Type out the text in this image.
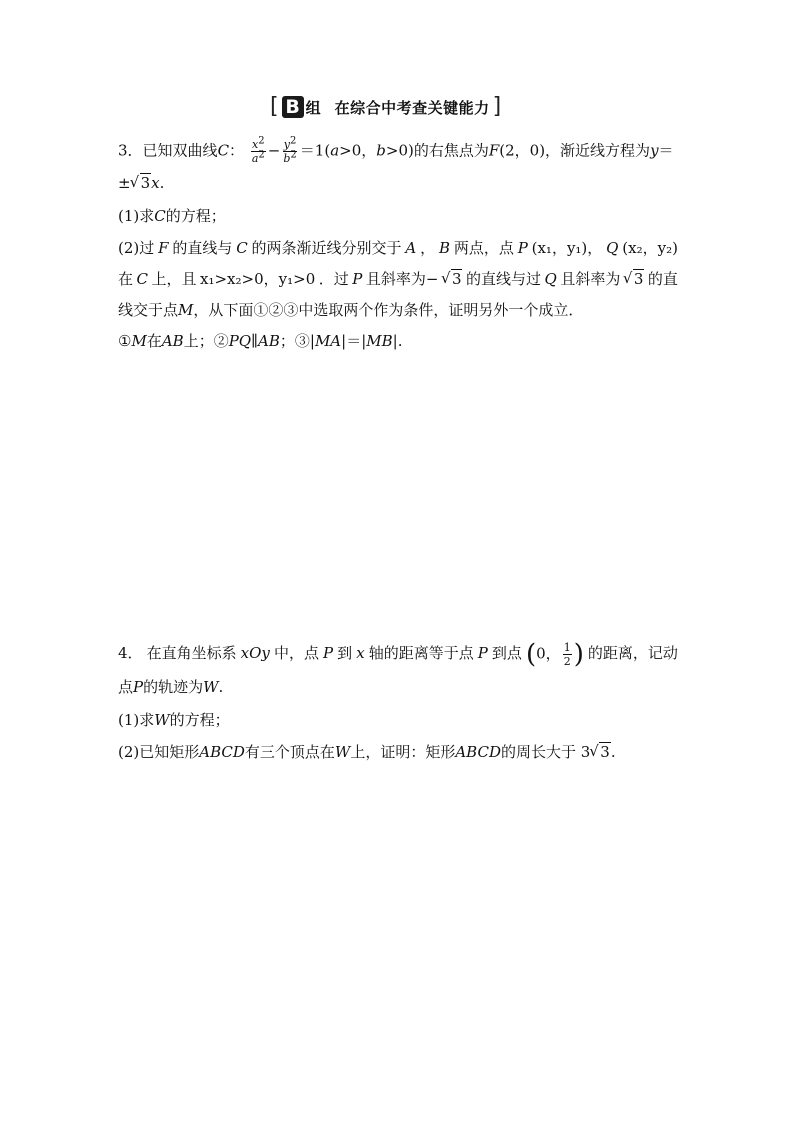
[ B 组 在综合中考查关键能力 ]
3．已知双曲线C： $\frac{x^2}{a^2} - \frac{y^2}{b^2} =1(a>0$，b>0)的右焦点为F(2，0)，渐近线方程为y＝
± √ 3x.
(1)求C的方程；
(2)过 F 的直线与 C 的两条渐近线分别交于 A ， B 两点，点 P (x₁，y₁)， Q (x₂，y₂)
在 C 上，且 x₁>x₂>0，y₁>0 ．过 P 且斜率为− √ 3 的直线与过 Q 且斜率为 √ 3 的直
线交于点M，从下面①②③中选取两个作为条件，证明另外一个成立．
①M在AB上；②PQ∥AB；③|MA|＝|MB|.
4． 在直角坐标系 xOy 中，点 P 到 x 轴的距离等于点 P 到点 (0， $\frac{1}{2}$ ) 的距离，记动
点P的轨迹为W.
(1)求W的方程；
(2)已知矩形ABCD有三个顶点在W上，证明：矩形ABCD的周长大于 3 √ 3.
